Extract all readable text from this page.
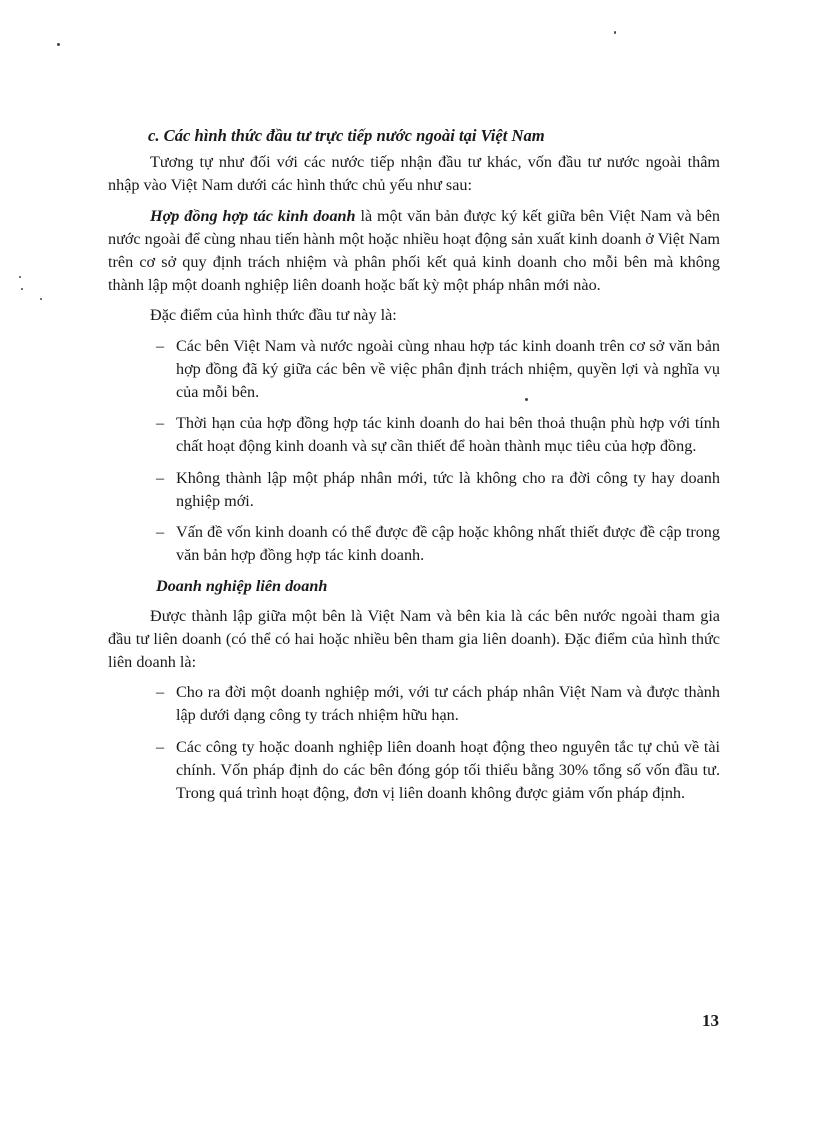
c. Các hình thức đầu tư trực tiếp nước ngoài tại Việt Nam

Tương tự như đối với các nước tiếp nhận đầu tư khác, vốn đầu tư nước ngoài thâm nhập vào Việt Nam dưới các hình thức chủ yếu như sau:

Hợp đồng hợp tác kinh doanh là một văn bản được ký kết giữa bên Việt Nam và bên nước ngoài để cùng nhau tiến hành một hoặc nhiều hoạt động sản xuất kinh doanh ở Việt Nam trên cơ sở quy định trách nhiệm và phân phối kết quả kinh doanh cho mỗi bên mà không thành lập một doanh nghiệp liên doanh hoặc bất kỳ một pháp nhân mới nào.

Đặc điểm của hình thức đầu tư này là:

– Các bên Việt Nam và nước ngoài cùng nhau hợp tác kinh doanh trên cơ sở văn bản hợp đồng đã ký giữa các bên về việc phân định trách nhiệm, quyền lợi và nghĩa vụ của mỗi bên.
– Thời hạn của hợp đồng hợp tác kinh doanh do hai bên thoả thuận phù hợp với tính chất hoạt động kinh doanh và sự cần thiết để hoàn thành mục tiêu của hợp đồng.
– Không thành lập một pháp nhân mới, tức là không cho ra đời công ty hay doanh nghiệp mới.
– Vấn đề vốn kinh doanh có thể được đề cập hoặc không nhất thiết được đề cập trong văn bản hợp đồng hợp tác kinh doanh.

Doanh nghiệp liên doanh

Được thành lập giữa một bên là Việt Nam và bên kia là các bên nước ngoài tham gia đầu tư liên doanh (có thể có hai hoặc nhiều bên tham gia liên doanh). Đặc điểm của hình thức liên doanh là:

– Cho ra đời một doanh nghiệp mới, với tư cách pháp nhân Việt Nam và được thành lập dưới dạng công ty trách nhiệm hữu hạn.
– Các công ty hoặc doanh nghiệp liên doanh hoạt động theo nguyên tắc tự chủ về tài chính. Vốn pháp định do các bên đóng góp tối thiểu bằng 30% tổng số vốn đầu tư. Trong quá trình hoạt động, đơn vị liên doanh không được giảm vốn pháp định.
13
